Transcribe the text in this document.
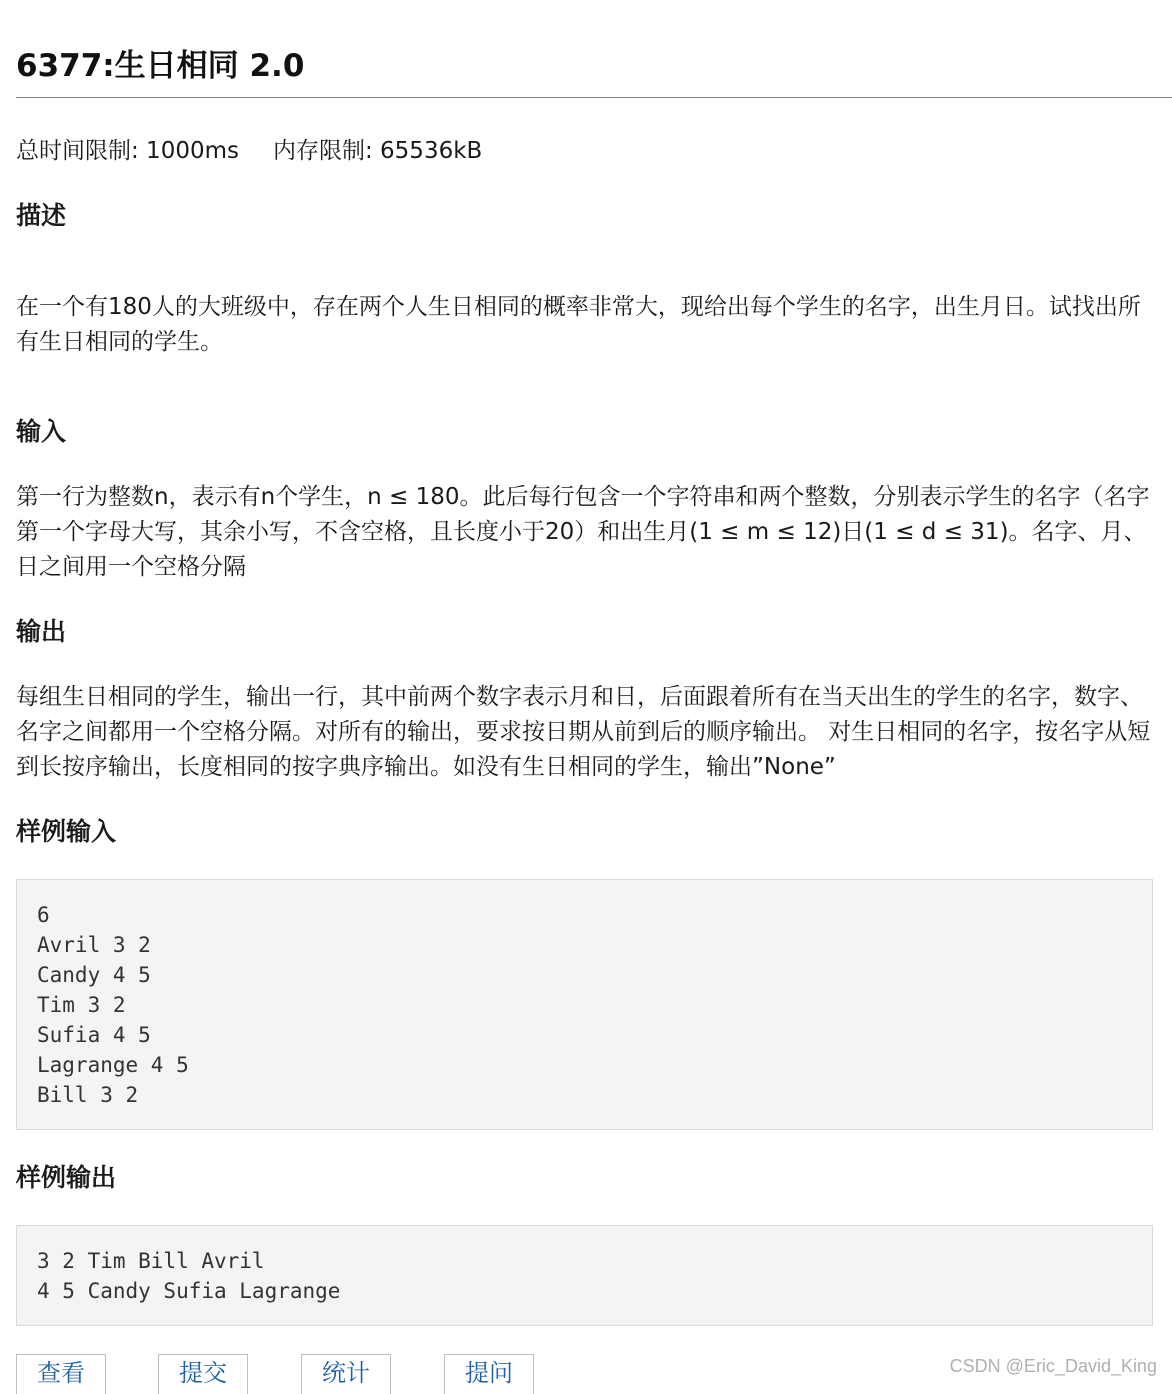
6377:生日相同 2.0
总时间限制: 1000ms 内存限制: 65536kB
描述

在一个有180人的大班级中，存在两个人生日相同的概率非常大，现给出每个学生的名字，出生月日。试找出所有生日相同的学生。

输入

第一行为整数n，表示有n个学生，n ≤ 180。此后每行包含一个字符串和两个整数，分别表示学生的名字（名字第一个字母大写，其余小写，不含空格，且长度小于20）和出生月(1 ≤ m ≤ 12)日(1 ≤ d ≤ 31)。名字、月、日之间用一个空格分隔

输出

每组生日相同的学生，输出一行，其中前两个数字表示月和日，后面跟着所有在当天出生的学生的名字，数字、名字之间都用一个空格分隔。对所有的输出，要求按日期从前到后的顺序输出。 对生日相同的名字，按名字从短到长按序输出，长度相同的按字典序输出。如没有生日相同的学生，输出”None”

样例输入
6
Avril 3 2
Candy 4 5
Tim 3 2
Sufia 4 5
Lagrange 4 5
Bill 3 2
样例输出
3 2 Tim Bill Avril
4 5 Candy Sufia Lagrange
查看	提交	统计	提问	CSDN @Eric_David_King
